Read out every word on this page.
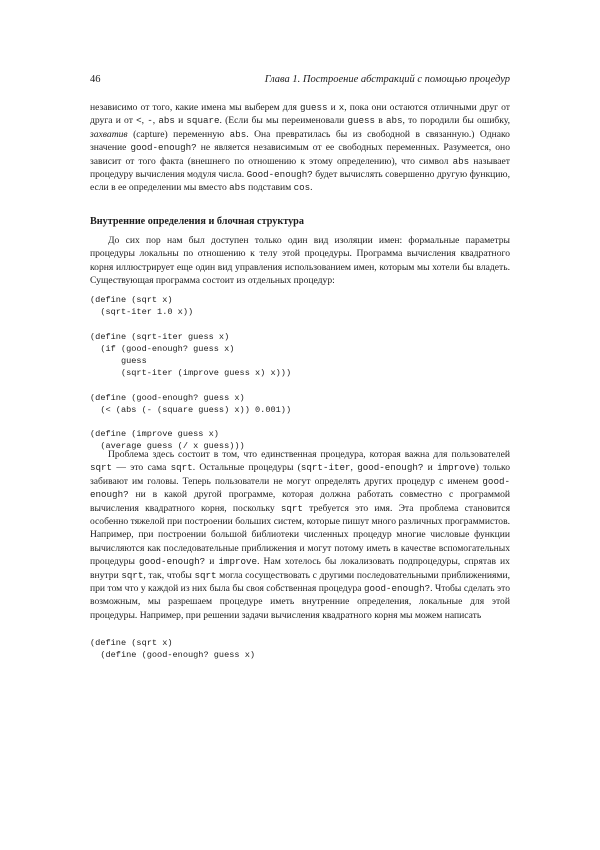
46	Глава 1. Построение абстракций с помощью процедур

независимо от того, какие имена мы выберем для guess и x, пока они остаются отличными друг от друга и от <, -, abs и square. (Если бы мы переименовали guess в abs, то породили бы ошибку, захватив (capture) переменную abs. Она превратилась бы из свободной в связанную.) Однако значение good-enough? не является независимым от ее свободных переменных. Разумеется, оно зависит от того факта (внешнего по отношению к этому определению), что символ abs называет процедуру вычисления модуля числа. Good-enough? будет вычислять совершенно другую функцию, если в ее определении мы вместо abs подставим cos.

Внутренние определения и блочная структура

До сих пор нам был доступен только один вид изоляции имен: формальные параметры процедуры локальны по отношению к телу этой процедуры. Программа вычисления квадратного корня иллюстрирует еще один вид управления использованием имен, которым мы хотели бы владеть. Существующая программа состоит из отдельных процедур:

(define (sqrt x)
(sqrt-iter 1.0 x))

(define (sqrt-iter guess x)
(if (good-enough? guess x)
guess
(sqrt-iter (improve guess x) x)))

(define (good-enough? guess x)
(< (abs (- (square guess) x)) 0.001))

(define (improve guess x)
(average guess (/ x guess)))

Проблема здесь состоит в том, что единственная процедура, которая важна для пользователей sqrt — это сама sqrt. Остальные процедуры (sqrt-iter, good-enough? и improve) только забивают им головы. Теперь пользователи не могут определять других процедур с именем good-enough? ни в какой другой программе, которая должна работать совместно с программой вычисления квадратного корня, поскольку sqrt требуется это имя. Эта проблема становится особенно тяжелой при построении больших систем, которые пишут много различных программистов. Например, при построении большой библиотеки численных процедур многие числовые функции вычисляются как последовательные приближения и могут потому иметь в качестве вспомогательных процедуры good-enough? и improve. Нам хотелось бы локализовать подпроцедуры, спрятав их внутри sqrt, так, чтобы sqrt могла сосуществовать с другими последовательными приближениями, при том что у каждой из них была бы своя собственная процедура good-enough?. Чтобы сделать это возможным, мы разрешаем процедуре иметь внутренние определения, локальные для этой процедуры. Например, при решении задачи вычисления квадратного корня мы можем написать

(define (sqrt x)
(define (good-enough? guess x)
